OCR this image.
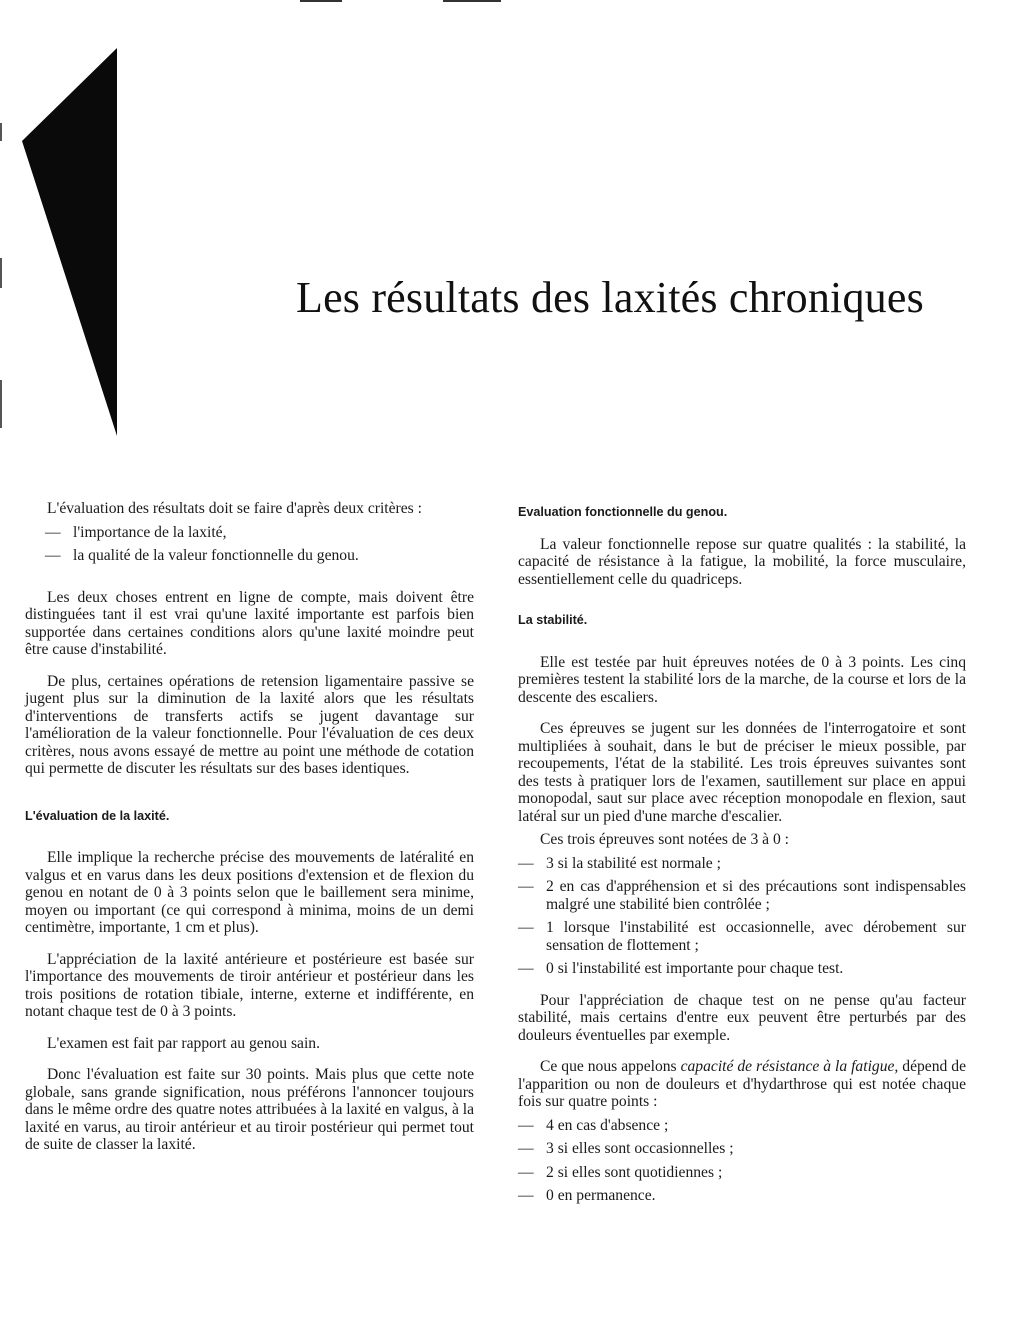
Les résultats des laxités chroniques

L'évaluation des résultats doit se faire d'après deux critères :

— l'importance de la laxité,
— la qualité de la valeur fonctionnelle du genou.

Les deux choses entrent en ligne de compte, mais doivent être distinguées tant il est vrai qu'une laxité importante est parfois bien supportée dans certaines conditions alors qu'une laxité moindre peut être cause d'instabilité.

De plus, certaines opérations de retension ligamentaire passive se jugent plus sur la diminution de la laxité alors que les résultats d'interventions de transferts actifs se jugent davantage sur l'amélioration de la valeur fonctionnelle. Pour l'évaluation de ces deux critères, nous avons essayé de mettre au point une méthode de cotation qui permette de discuter les résultats sur des bases identiques.

L'évaluation de la laxité.

Elle implique la recherche précise des mouvements de latéralité en valgus et en varus dans les deux positions d'extension et de flexion du genou en notant de 0 à 3 points selon que le baillement sera minime, moyen ou important (ce qui correspond à minima, moins de un demi centimètre, importante, 1 cm et plus).

L'appréciation de la laxité antérieure et postérieure est basée sur l'importance des mouvements de tiroir antérieur et postérieur dans les trois positions de rotation tibiale, interne, externe et indifférente, en notant chaque test de 0 à 3 points.

L'examen est fait par rapport au genou sain.

Donc l'évaluation est faite sur 30 points. Mais plus que cette note globale, sans grande signification, nous préférons l'annoncer toujours dans le même ordre des quatre notes attribuées à la laxité en valgus, à la laxité en varus, au tiroir antérieur et au tiroir postérieur qui permet tout de suite de classer la laxité.

Evaluation fonctionnelle du genou.

La valeur fonctionnelle repose sur quatre qualités : la stabilité, la capacité de résistance à la fatigue, la mobilité, la force musculaire, essentiellement celle du quadriceps.

La stabilité.

Elle est testée par huit épreuves notées de 0 à 3 points. Les cinq premières testent la stabilité lors de la marche, de la course et lors de la descente des escaliers.

Ces épreuves se jugent sur les données de l'interrogatoire et sont multipliées à souhait, dans le but de préciser le mieux possible, par recoupements, l'état de la stabilité. Les trois épreuves suivantes sont des tests à pratiquer lors de l'examen, sautillement sur place en appui monopodal, saut sur place avec réception monopodale en flexion, saut latéral sur un pied d'une marche d'escalier.

Ces trois épreuves sont notées de 3 à 0 :

— 3 si la stabilité est normale ;
— 2 en cas d'appréhension et si des précautions sont indispensables malgré une stabilité bien contrôlée ;
— 1 lorsque l'instabilité est occasionnelle, avec dérobement sur sensation de flottement ;
— 0 si l'instabilité est importante pour chaque test.

Pour l'appréciation de chaque test on ne pense qu'au facteur stabilité, mais certains d'entre eux peuvent être perturbés par des douleurs éventuelles par exemple.

Ce que nous appelons capacité de résistance à la fatigue, dépend de l'apparition ou non de douleurs et d'hydarthrose qui est notée chaque fois sur quatre points :

— 4 en cas d'absence ;
— 3 si elles sont occasionnelles ;
— 2 si elles sont quotidiennes ;
— 0 en permanence.
